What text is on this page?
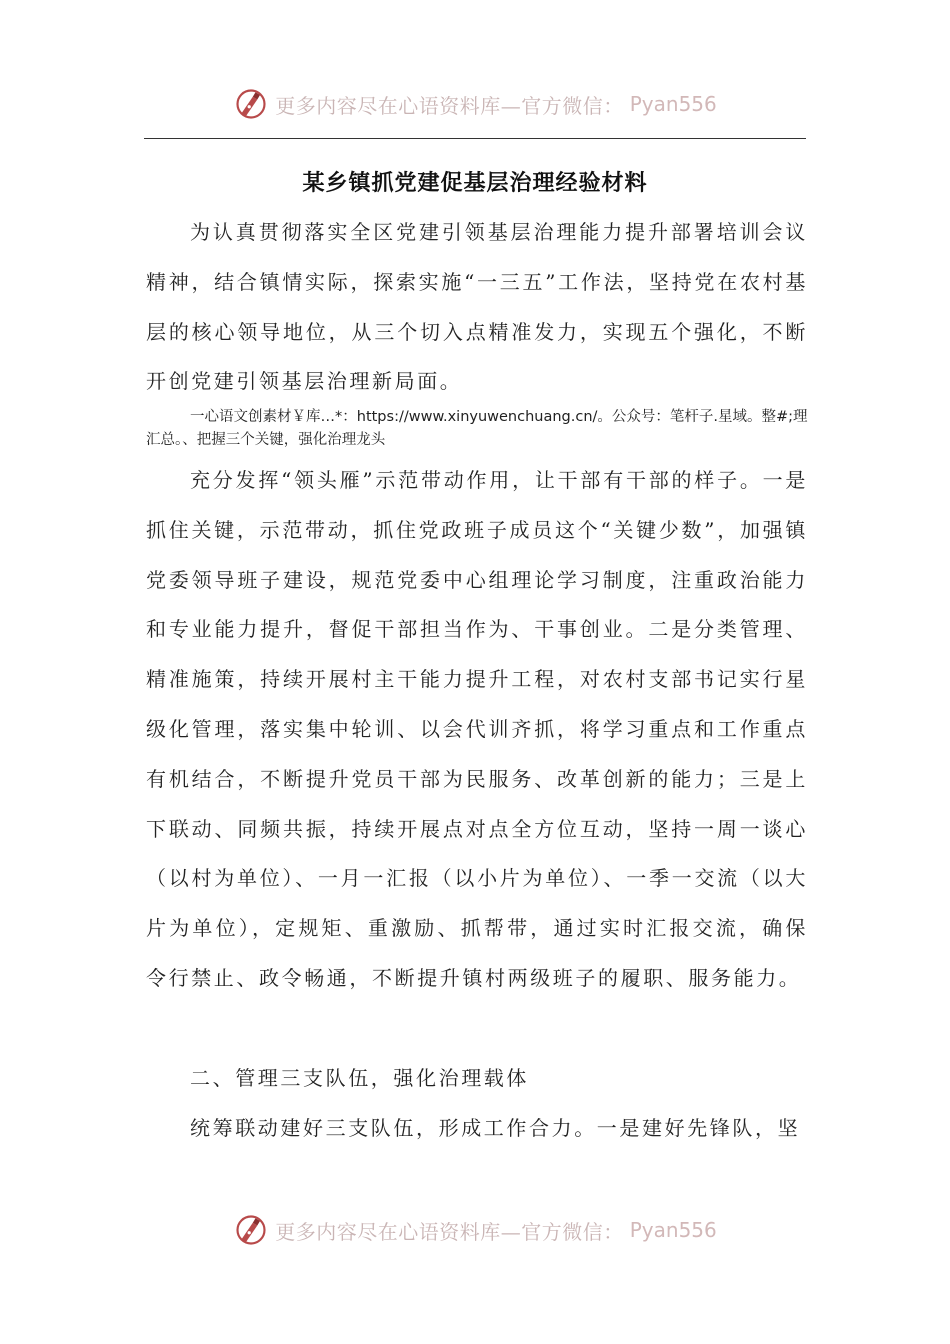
更多内容尽在心语资料库—官方微信： Pyan556
某乡镇抓党建促基层治理经验材料
为认真贯彻落实全区党建引领基层治理能力提升部署培训会议精神，结合镇情实际，探索实施“一三五”工作法，坚持党在农村基层的核心领导地位，从三个切入点精准发力，实现五个强化，不断开创党建引领基层治理新局面。
一心语文创素材￥库…*：https://www.xinyuwenchuang.cn/。公众号：笔杆子.星域。整#;理汇总。、把握三个关键，强化治理龙头
充分发挥“领头雁”示范带动作用，让干部有干部的样子。一是抓住关键，示范带动，抓住党政班子成员这个“关键少数”，加强镇党委领导班子建设，规范党委中心组理论学习制度，注重政治能力和专业能力提升，督促干部担当作为、干事创业。二是分类管理、精准施策，持续开展村主干能力提升工程，对农村支部书记实行星级化管理，落实集中轮训、以会代训齐抓，将学习重点和工作重点有机结合，不断提升党员干部为民服务、改革创新的能力；三是上下联动、同频共振，持续开展点对点全方位互动，坚持一周一谈心（以村为单位）、一月一汇报（以小片为单位）、一季一交流（以大片为单位），定规矩、重激励、抓帮带，通过实时汇报交流，确保令行禁止、政令畅通，不断提升镇村两级班子的履职、服务能力。
二、管理三支队伍，强化治理载体
统筹联动建好三支队伍，形成工作合力。一是建好先锋队，坚
更多内容尽在心语资料库—官方微信： Pyan556
